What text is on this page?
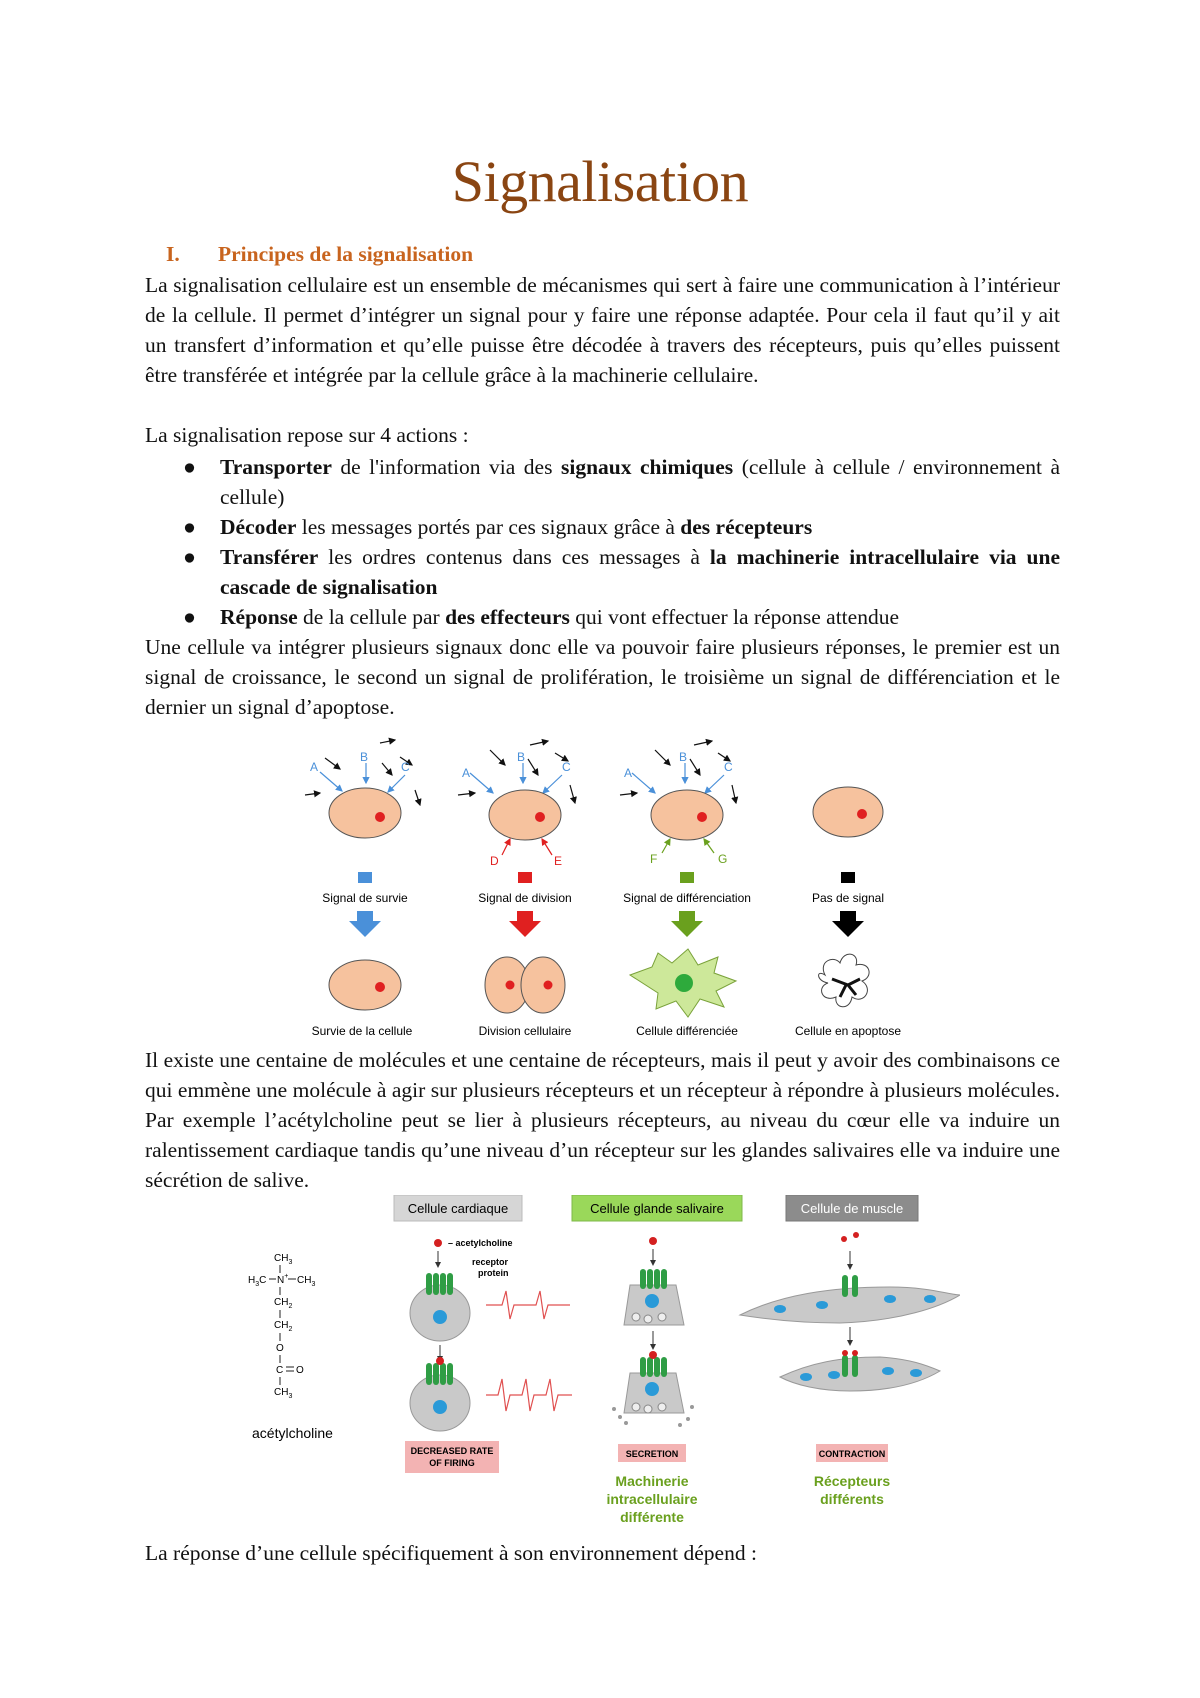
Signalisation
I. Principes de la signalisation
La signalisation cellulaire est un ensemble de mécanismes qui sert à faire une communication à l’intérieur de la cellule. Il permet d’intégrer un signal pour y faire une réponse adaptée. Pour cela il faut qu’il y ait un transfert d’information et qu’elle puisse être décodée à travers des récepteurs, puis qu’elles puissent être transférée et intégrée par la cellule grâce à la machinerie cellulaire.
La signalisation repose sur 4 actions :
● Transporter de l'information via des signaux chimiques (cellule à cellule / environnement à cellule)
● Décoder les messages portés par ces signaux grâce à des récepteurs
● Transférer les ordres contenus dans ces messages à la machinerie intracellulaire via une cascade de signalisation
● Réponse de la cellule par des effecteurs qui vont effectuer la réponse attendue
Une cellule va intégrer plusieurs signaux donc elle va pouvoir faire plusieurs réponses, le premier est un signal de croissance, le second un signal de prolifération, le troisième un signal de différenciation et le dernier un signal d’apoptose.
A
B
C
Signal de survie
Survie de la cellule
A
B
C
D	E
Signal de division
Division cellulaire
A
B
C
F	G
Signal de différenciation
Cellule différenciée
Pas de signal
Cellule en apoptose
Il existe une centaine de molécules et une centaine de récepteurs, mais il peut y avoir des combinaisons ce qui emmène une molécule à agir sur plusieurs récepteurs et un récepteur à répondre à plusieurs molécules. Par exemple l’acétylcholine peut se lier à plusieurs récepteurs, au niveau du cœur elle va induire un ralentissement cardiaque tandis qu’une niveau d’un récepteur sur les glandes salivaires elle va induire une sécrétion de salive.
Cellule cardiaque	Cellule glande salivaire	Cellule de muscle
$CH_3$
$H_3C$ N+ $CH_3$
$CH_2$
$CH_2$
O
C O
$CH_3$
acétylcholine
– acetylcholine
receptor
protein
DECREASED RATE
OF FIRING
SECRETION
Machinerie
intracellulaire
différente
CONTRACTION
Récepteurs
différents
La réponse d’une cellule spécifiquement à son environnement dépend :
